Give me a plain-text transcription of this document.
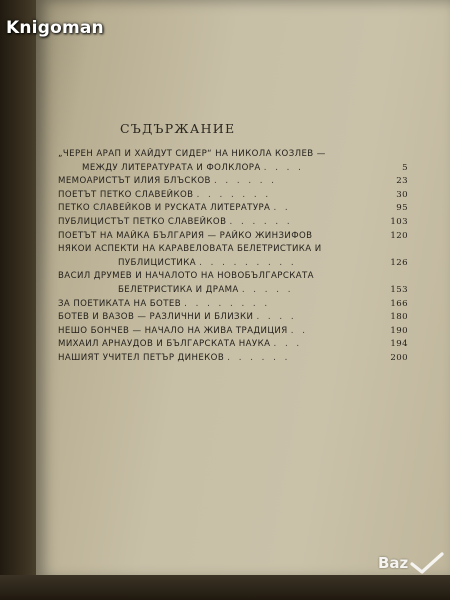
Knigoman
СЪДЪРЖАНИЕ
„ЧЕРЕН АРАП И ХАЙДУТ СИДЕР“ НА НИКОЛА КОЗЛЕВ —
МЕЖДУ ЛИТЕРАТУРАТА И ФОЛКЛОРА . . . .	5
МЕМОАРИСТЪТ ИЛИЯ БЛЪСКОВ . . . . . .	23
ПОЕТЪТ ПЕТКО СЛАВЕЙКОВ . . . . . . .	30
ПЕТКО СЛАВЕЙКОВ И РУСКАТА ЛИТЕРАТУРА . .	95
ПУБЛИЦИСТЪТ ПЕТКО СЛАВЕЙКОВ . . . . . .	103
ПОЕТЪТ НА МАЙКА БЪЛГАРИЯ — РАЙКО ЖИНЗИФОВ	120
НЯКОИ АСПЕКТИ НА КАРАВЕЛОВАТА БЕЛЕТРИСТИКА И
ПУБЛИЦИСТИКА . . . . . . . . .	126
ВАСИЛ ДРУМЕВ И НАЧАЛОТО НА НОВОБЪЛГАРСКАТА
БЕЛЕТРИСТИКА И ДРАМА . . . . .	153
ЗА ПОЕТИКАТА НА БОТЕВ . . . . . . . .	166
БОТЕВ И ВАЗОВ — РАЗЛИЧНИ И БЛИЗКИ . . . .	180
НЕШО БОНЧЕВ — НАЧАЛО НА ЖИВА ТРАДИЦИЯ . .	190
МИХАИЛ АРНАУДОВ И БЪЛГАРСКАТА НАУКА . . .	194
НАШИЯТ УЧИТЕЛ ПЕТЪР ДИНЕКОВ . . . . . .	200
Baz
